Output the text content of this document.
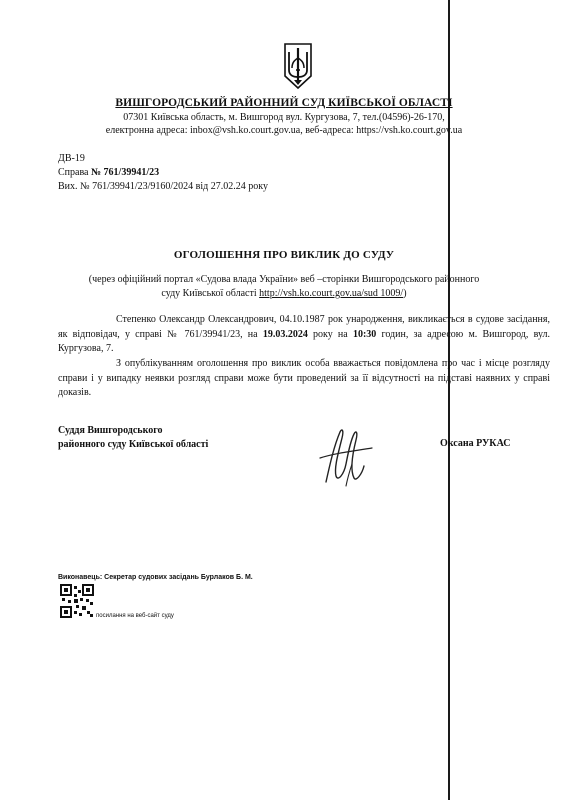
ВИШГОРОДСЬКИЙ РАЙОННИЙ СУД КИЇВСЬКОЇ ОБЛАСТІ
07301 Київська область, м. Вишгород вул. Кургузова, 7, тел.(04596)-26-170,
електронна адреса: inbox@vsh.ko.court.gov.ua, веб-адреса: https://vsh.ko.court.gov.ua
ДВ-19
Справа № 761/39941/23
Вих. № 761/39941/23/9160/2024 від 27.02.24 року
ОГОЛОШЕННЯ ПРО ВИКЛИК ДО СУДУ
(через офіційний портал «Судова влада України» веб –сторінки Вишгородського районного
суду Київської області http://vsh.ko.court.gov.ua/sud 1009/)
Степенко Олександр Олександрович, 04.10.1987 рок ународження, викликається в судове засідання, як відповідач, у справі № 761/39941/23, на 19.03.2024 року на 10:30 годин, за адресою м. Вишгород, вул. Кургузова, 7.
З опублікуванням оголошення про виклик особа вважається повідомлена про час і місце розгляду справи і у випадку неявки розгляд справи може бути проведений за її відсутності на підставі наявних у справі доказів.
Суддя Вишгородського
районного суду Київської області	Оксана РУКАС
Виконавець: Секретар судових засідань Бурлаков Б. М.
посилання на веб-сайт суду
